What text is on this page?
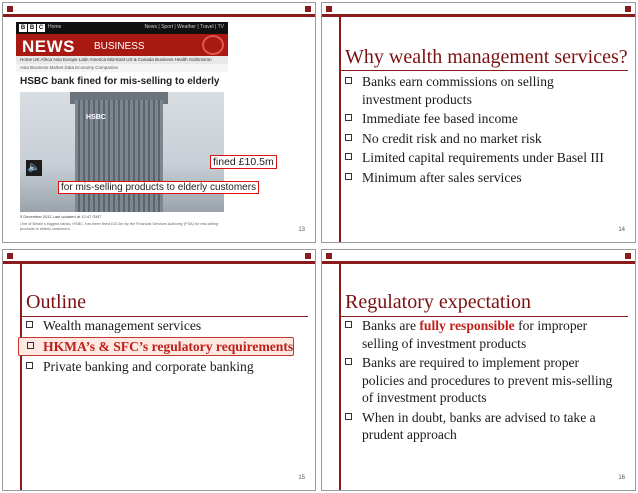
B B C Home	News | Sport | Weather | Travel | TV
NEWS BUSINESS
Home UK Africa Asia Europe Latin America Mid-East US & Canada Business Health Sci/Environ
Asia Business Market Data Economy Companies
HSBC bank fined for mis-selling to elderly
HSBC
🔈
5 December 2011 Last updated at 12:47 GMT
One of Britain's biggest banks, HSBC, has been fined £10.5m by the Financial Services Authority (FSA) for mis-selling products to elderly customers.
fined £10.5m
for mis-selling products to elderly customers
13
Why wealth management services?
Banks earn commissions on selling
investment products
Immediate fee based income
No credit risk and no market risk
Limited capital requirements under Basel III
Minimum after sales services
14
Outline
Wealth management services
HKMA’s & SFC’s regulatory requirements
Private banking and corporate banking
15
Regulatory expectation
Banks are fully responsible for improper
selling of investment products
Banks are required to implement proper
policies and procedures to prevent mis-selling
of investment products
When in doubt, banks are advised to take a
prudent approach
16
